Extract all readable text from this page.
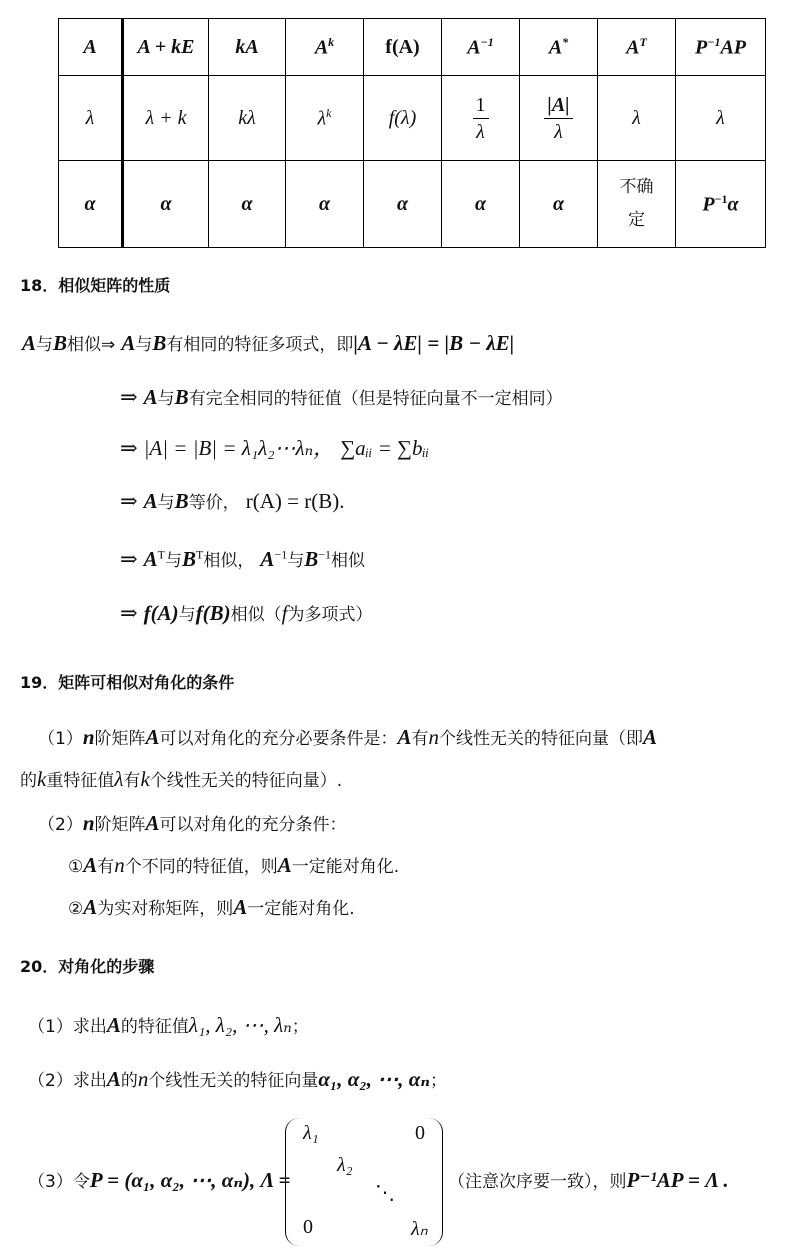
A	A + kE	kA	$A^k$	f(A)	$A^{-1}$	A*	$A^T$	$P^{-1}AP$
λ	λ + k	kλ	$\lambda^k$	f(λ)	$\frac{1}{\lambda}$	$\frac{|A|}{\lambda}$	λ	λ
α	α	α	α	α	α	α	不确定	$P^{-1}\alpha$
18．相似矩阵的性质
A与B相似⇒ A与B有相同的特征多项式，即|A − λE| = |B − λE|
⇒ A与B有完全相同的特征值（但是特征向量不一定相同）
⇒ |A| = |B| = λ₁λ₂⋯λₙ， ∑aᵢᵢ = ∑bᵢᵢ
⇒ A与B等价， r(A) = r(B).
⇒ $A^T$与$B^T$相似， $A^{-1}$与$B^{-1}$相似
⇒ f(A)与f(B)相似（f为多项式）
19．矩阵可相似对角化的条件
（1）n阶矩阵A可以对角化的充分必要条件是：A有n个线性无关的特征向量（即A
的k重特征值λ有k个线性无关的特征向量）.
（2）n阶矩阵A可以对角化的充分条件：
①A有n个不同的特征值，则A一定能对角化.
②A为实对称矩阵，则A一定能对角化.
20．对角化的步骤
（1）求出A的特征值λ₁, λ₂, ⋯, λₙ；
（2）求出A的n个线性无关的特征向量α₁, α₂, ⋯, αₙ；
（3）令P = (α₁, α₂, ⋯, αₙ), Λ =
λ₁	0
λ₂
⋱
0	λₙ
（注意次序要一致），则P⁻¹AP = Λ .
